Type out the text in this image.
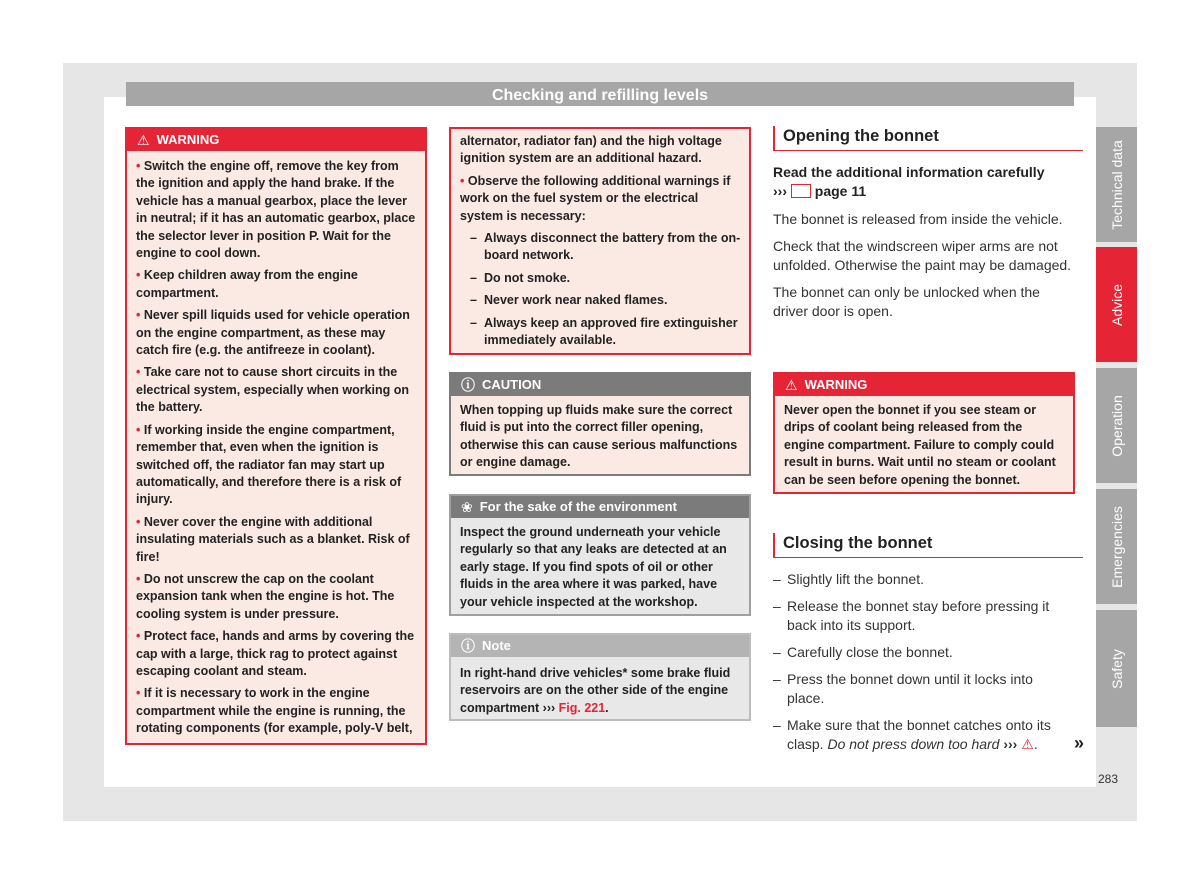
Checking and refilling levels
⚠ WARNING

• Switch the engine off, remove the key from the ignition and apply the hand brake. If the vehicle has a manual gearbox, place the lever in neutral; if it has an automatic gearbox, place the selector lever in position P. Wait for the engine to cool down.

• Keep children away from the engine compartment.

• Never spill liquids used for vehicle operation on the engine compartment, as these may catch fire (e.g. the antifreeze in coolant).

• Take care not to cause short circuits in the electrical system, especially when working on the battery.

• If working inside the engine compartment, remember that, even when the ignition is switched off, the radiator fan may start up automatically, and therefore there is a risk of injury.

• Never cover the engine with additional insulating materials such as a blanket. Risk of fire!

• Do not unscrew the cap on the coolant expansion tank when the engine is hot. The cooling system is under pressure.

• Protect face, hands and arms by covering the cap with a large, thick rag to protect against escaping coolant and steam.

• If it is necessary to work in the engine compartment while the engine is running, the rotating components (for example, poly-V belt,

alternator, radiator fan) and the high voltage ignition system are an additional hazard.

• Observe the following additional warnings if work on the fuel system or the electrical system is necessary:

– Always disconnect the battery from the on-board network.
– Do not smoke.
– Never work near naked flames.
– Always keep an approved fire extinguisher immediately available.
ⓘ CAUTION
When topping up fluids make sure the correct fluid is put into the correct filler opening, otherwise this can cause serious malfunctions or engine damage.
❀ For the sake of the environment
Inspect the ground underneath your vehicle regularly so that any leaks are detected at an early stage. If you find spots of oil or other fluids in the area where it was parked, have your vehicle inspected at the workshop.
ⓘ Note
In right-hand drive vehicles* some brake fluid reservoirs are on the other side of the engine compartment ››› Fig. 221.
Opening the bonnet
Read the additional information carefully
››› page 11

The bonnet is released from inside the vehicle.

Check that the windscreen wiper arms are not unfolded. Otherwise the paint may be damaged.

The bonnet can only be unlocked when the driver door is open.

⚠ WARNING
Never open the bonnet if you see steam or drips of coolant being released from the engine compartment. Failure to comply could result in burns. Wait until no steam or coolant can be seen before opening the bonnet.
Closing the bonnet
– Slightly lift the bonnet.
– Release the bonnet stay before pressing it back into its support.
– Carefully close the bonnet.
– Press the bonnet down until it locks into place.
– Make sure that the bonnet catches onto its clasp. Do not press down too hard ››› ⚠.	»
Technical data
Advice
Operation
Emergencies
Safety
283
